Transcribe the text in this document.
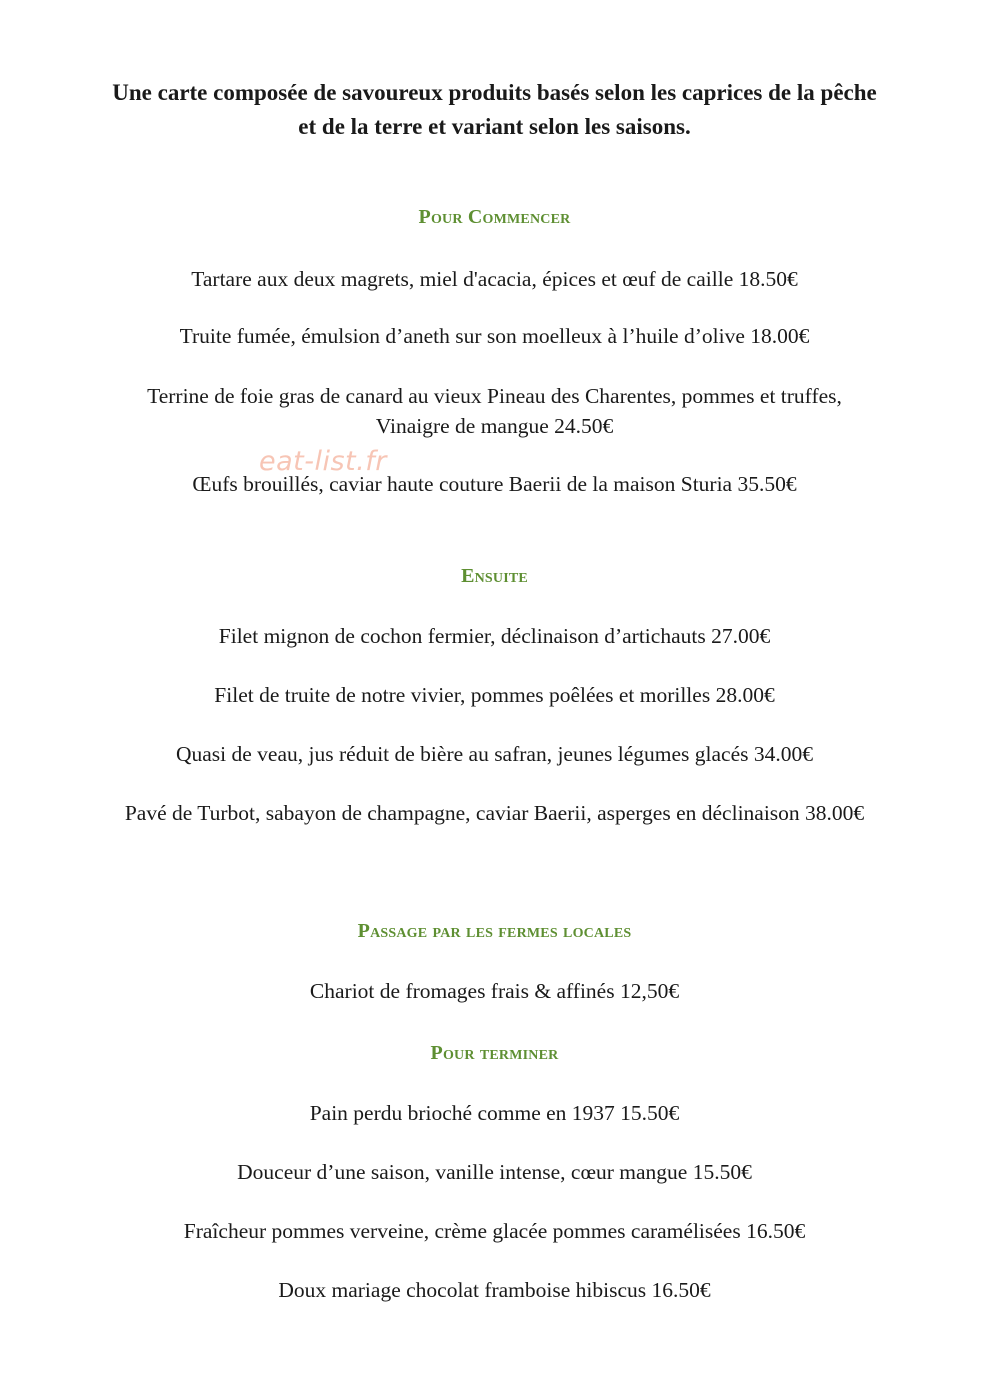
Une carte composée de savoureux produits basés selon les caprices de la pêche

et de la terre et variant selon les saisons.

Pour Commencer

Tartare aux deux magrets, miel d'acacia, épices et œuf de caille 18.50€

Truite fumée, émulsion d’aneth sur son moelleux à l’huile d’olive 18.00€

Terrine de foie gras de canard au vieux Pineau des Charentes, pommes et truffes,

Vinaigre de mangue 24.50€

Œufs brouillés, caviar haute couture Baerii de la maison Sturia 35.50€

Ensuite

Filet mignon de cochon fermier, déclinaison d’artichauts 27.00€

Filet de truite de notre vivier, pommes poêlées et morilles 28.00€

Quasi de veau, jus réduit de bière au safran, jeunes légumes glacés 34.00€

Pavé de Turbot, sabayon de champagne, caviar Baerii, asperges en déclinaison 38.00€

Passage par les fermes locales

Chariot de fromages frais & affinés 12,50€

Pour terminer

Pain perdu brioché comme en 1937 15.50€

Douceur d’une saison, vanille intense, cœur mangue 15.50€

Fraîcheur pommes verveine, crème glacée pommes caramélisées 16.50€

Doux mariage chocolat framboise hibiscus 16.50€

eat-list.fr
